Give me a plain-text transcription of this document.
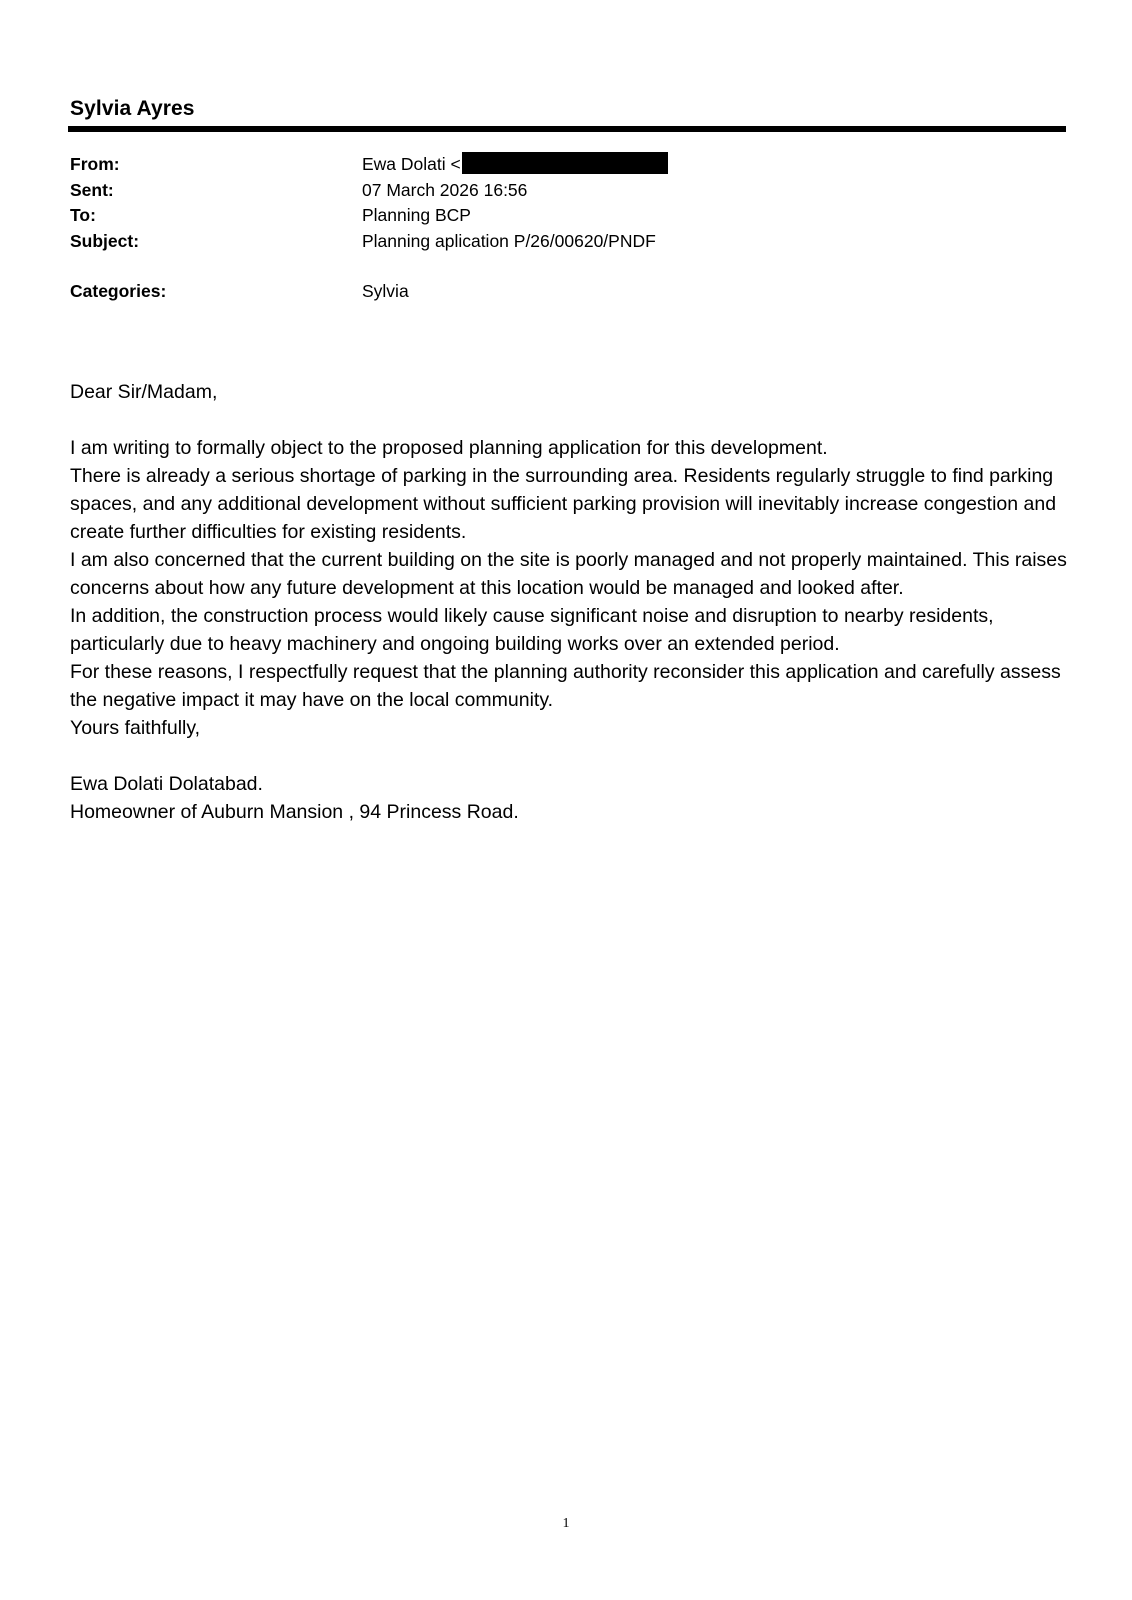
Sylvia Ayres
From:	Ewa Dolati <
Sent:	07 March 2026 16:56
To:	Planning BCP
Subject:	Planning aplication P/26/00620/PNDF
Categories:	Sylvia

Dear Sir/Madam,

I am writing to formally object to the proposed planning application for this development.

There is already a serious shortage of parking in the surrounding area. Residents regularly struggle to find parking spaces, and any additional development without sufficient parking provision will inevitably increase congestion and create further difficulties for existing residents.

I am also concerned that the current building on the site is poorly managed and not properly maintained. This raises concerns about how any future development at this location would be managed and looked after.

In addition, the construction process would likely cause significant noise and disruption to nearby residents, particularly due to heavy machinery and ongoing building works over an extended period.

For these reasons, I respectfully request that the planning authority reconsider this application and carefully assess the negative impact it may have on the local community.

Yours faithfully,

Ewa Dolati Dolatabad.

Homeowner of Auburn Mansion , 94 Princess Road.

1
